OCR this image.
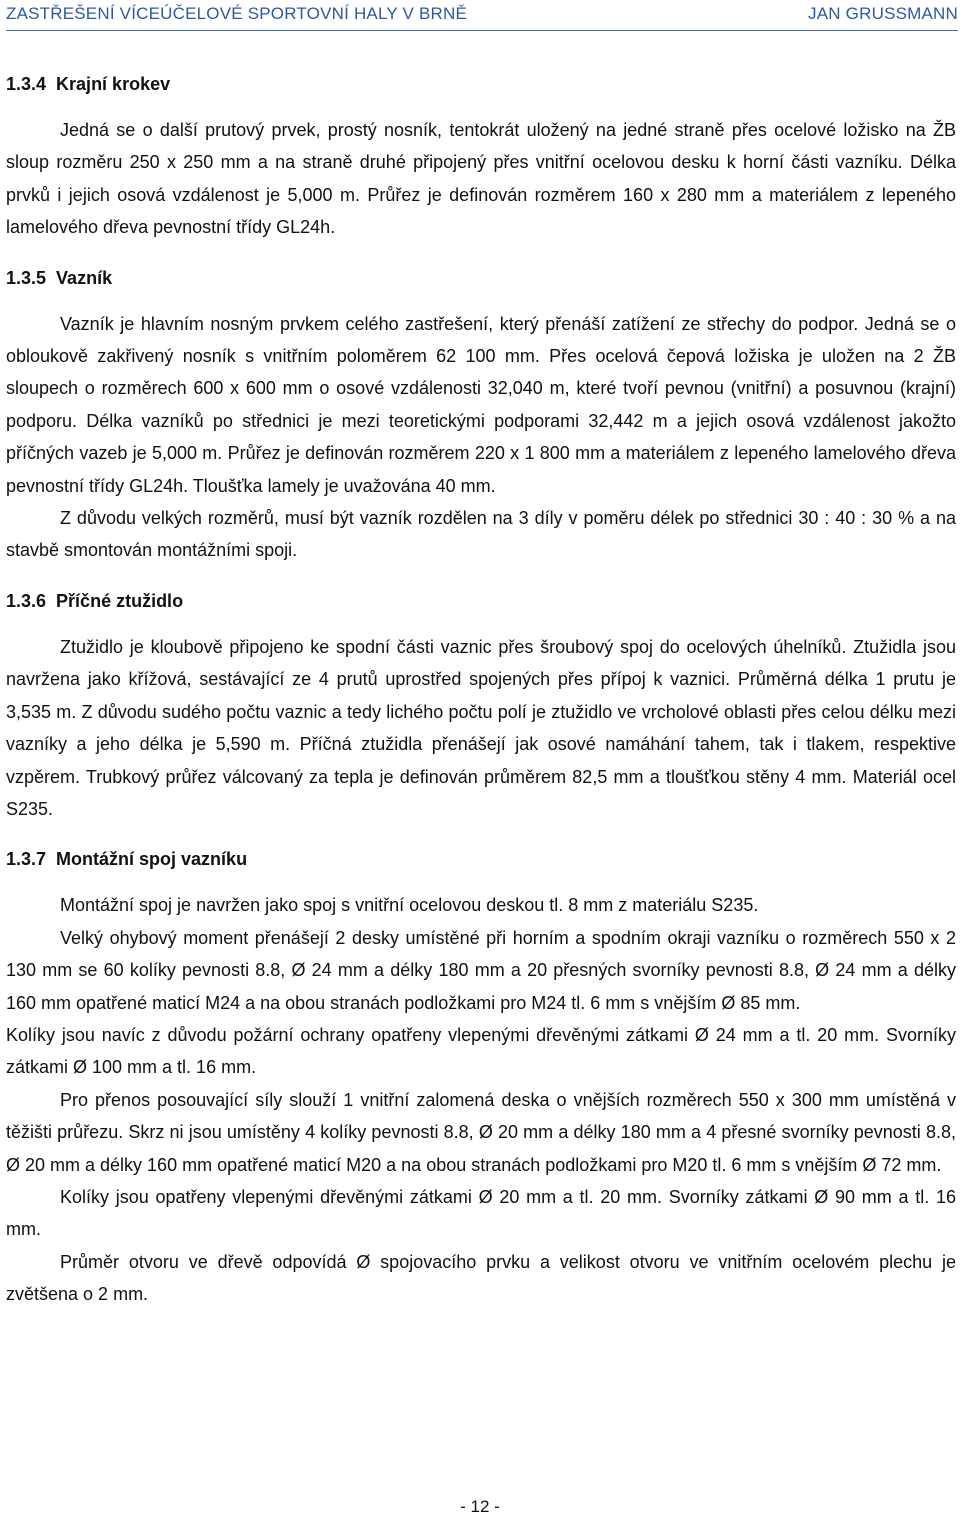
ZASTŘEŠENÍ VÍCEÚČELOVÉ SPORTOVNÍ HALY V BRNĚ	JAN GRUSSMANN
1.3.4 Krajní krokev

Jedná se o další prutový prvek, prostý nosník, tentokrát uložený na jedné straně přes ocelové ložisko na ŽB sloup rozměru 250 x 250 mm a na straně druhé připojený přes vnitřní ocelovou desku k horní části vazníku. Délka prvků i jejich osová vzdálenost je 5,000 m. Průřez je definován rozměrem 160 x 280 mm a materiálem z lepeného lamelového dřeva pevnostní třídy GL24h.

1.3.5 Vazník

Vazník je hlavním nosným prvkem celého zastřešení, který přenáší zatížení ze střechy do podpor. Jedná se o obloukově zakřivený nosník s vnitřním poloměrem 62 100 mm. Přes ocelová čepová ložiska je uložen na 2 ŽB sloupech o rozměrech 600 x 600 mm o osové vzdálenosti 32,040 m, které tvoří pevnou (vnitřní) a posuvnou (krajní) podporu. Délka vazníků po střednici je mezi teoretickými podporami 32,442 m a jejich osová vzdálenost jakožto příčných vazeb je 5,000 m. Průřez je definován rozměrem 220 x 1 800 mm a materiálem z lepeného lamelového dřeva pevnostní třídy GL24h. Tloušťka lamely je uvažována 40 mm.

Z důvodu velkých rozměrů, musí být vazník rozdělen na 3 díly v poměru délek po střednici 30 : 40 : 30 % a na stavbě smontován montážními spoji.

1.3.6 Příčné ztužidlo

Ztužidlo je kloubově připojeno ke spodní části vaznic přes šroubový spoj do ocelových úhelníků. Ztužidla jsou navržena jako křížová, sestávající ze 4 prutů uprostřed spojených přes přípoj k vaznici. Průměrná délka 1 prutu je 3,535 m. Z důvodu sudého počtu vaznic a tedy lichého počtu polí je ztužidlo ve vrcholové oblasti přes celou délku mezi vazníky a jeho délka je 5,590 m. Příčná ztužidla přenášejí jak osové namáhání tahem, tak i tlakem, respektive vzpěrem. Trubkový průřez válcovaný za tepla je definován průměrem 82,5 mm a tloušťkou stěny 4 mm. Materiál ocel S235.

1.3.7 Montážní spoj vazníku

Montážní spoj je navržen jako spoj s vnitřní ocelovou deskou tl. 8 mm z materiálu S235.

Velký ohybový moment přenášejí 2 desky umístěné při horním a spodním okraji vazníku o rozměrech 550 x 2 130 mm se 60 kolíky pevnosti 8.8, Ø 24 mm a délky 180 mm a 20 přesných svorníky pevnosti 8.8, Ø 24 mm a délky 160 mm opatřené maticí M24 a na obou stranách podložkami pro M24 tl. 6 mm s vnějším Ø 85 mm.

Kolíky jsou navíc z důvodu požární ochrany opatřeny vlepenými dřevěnými zátkami Ø 24 mm a tl. 20 mm. Svorníky zátkami Ø 100 mm a tl. 16 mm.

Pro přenos posouvající síly slouží 1 vnitřní zalomená deska o vnějších rozměrech 550 x 300 mm umístěná v těžišti průřezu. Skrz ni jsou umístěny 4 kolíky pevnosti 8.8, Ø 20 mm a délky 180 mm a 4 přesné svorníky pevnosti 8.8, Ø 20 mm a délky 160 mm opatřené maticí M20 a na obou stranách podložkami pro M20 tl. 6 mm s vnějším Ø 72 mm.

Kolíky jsou opatřeny vlepenými dřevěnými zátkami Ø 20 mm a tl. 20 mm. Svorníky zátkami Ø 90 mm a tl. 16 mm.

Průměr otvoru ve dřevě odpovídá Ø spojovacího prvku a velikost otvoru ve vnitřním ocelovém plechu je zvětšena o 2 mm.

- 12 -
